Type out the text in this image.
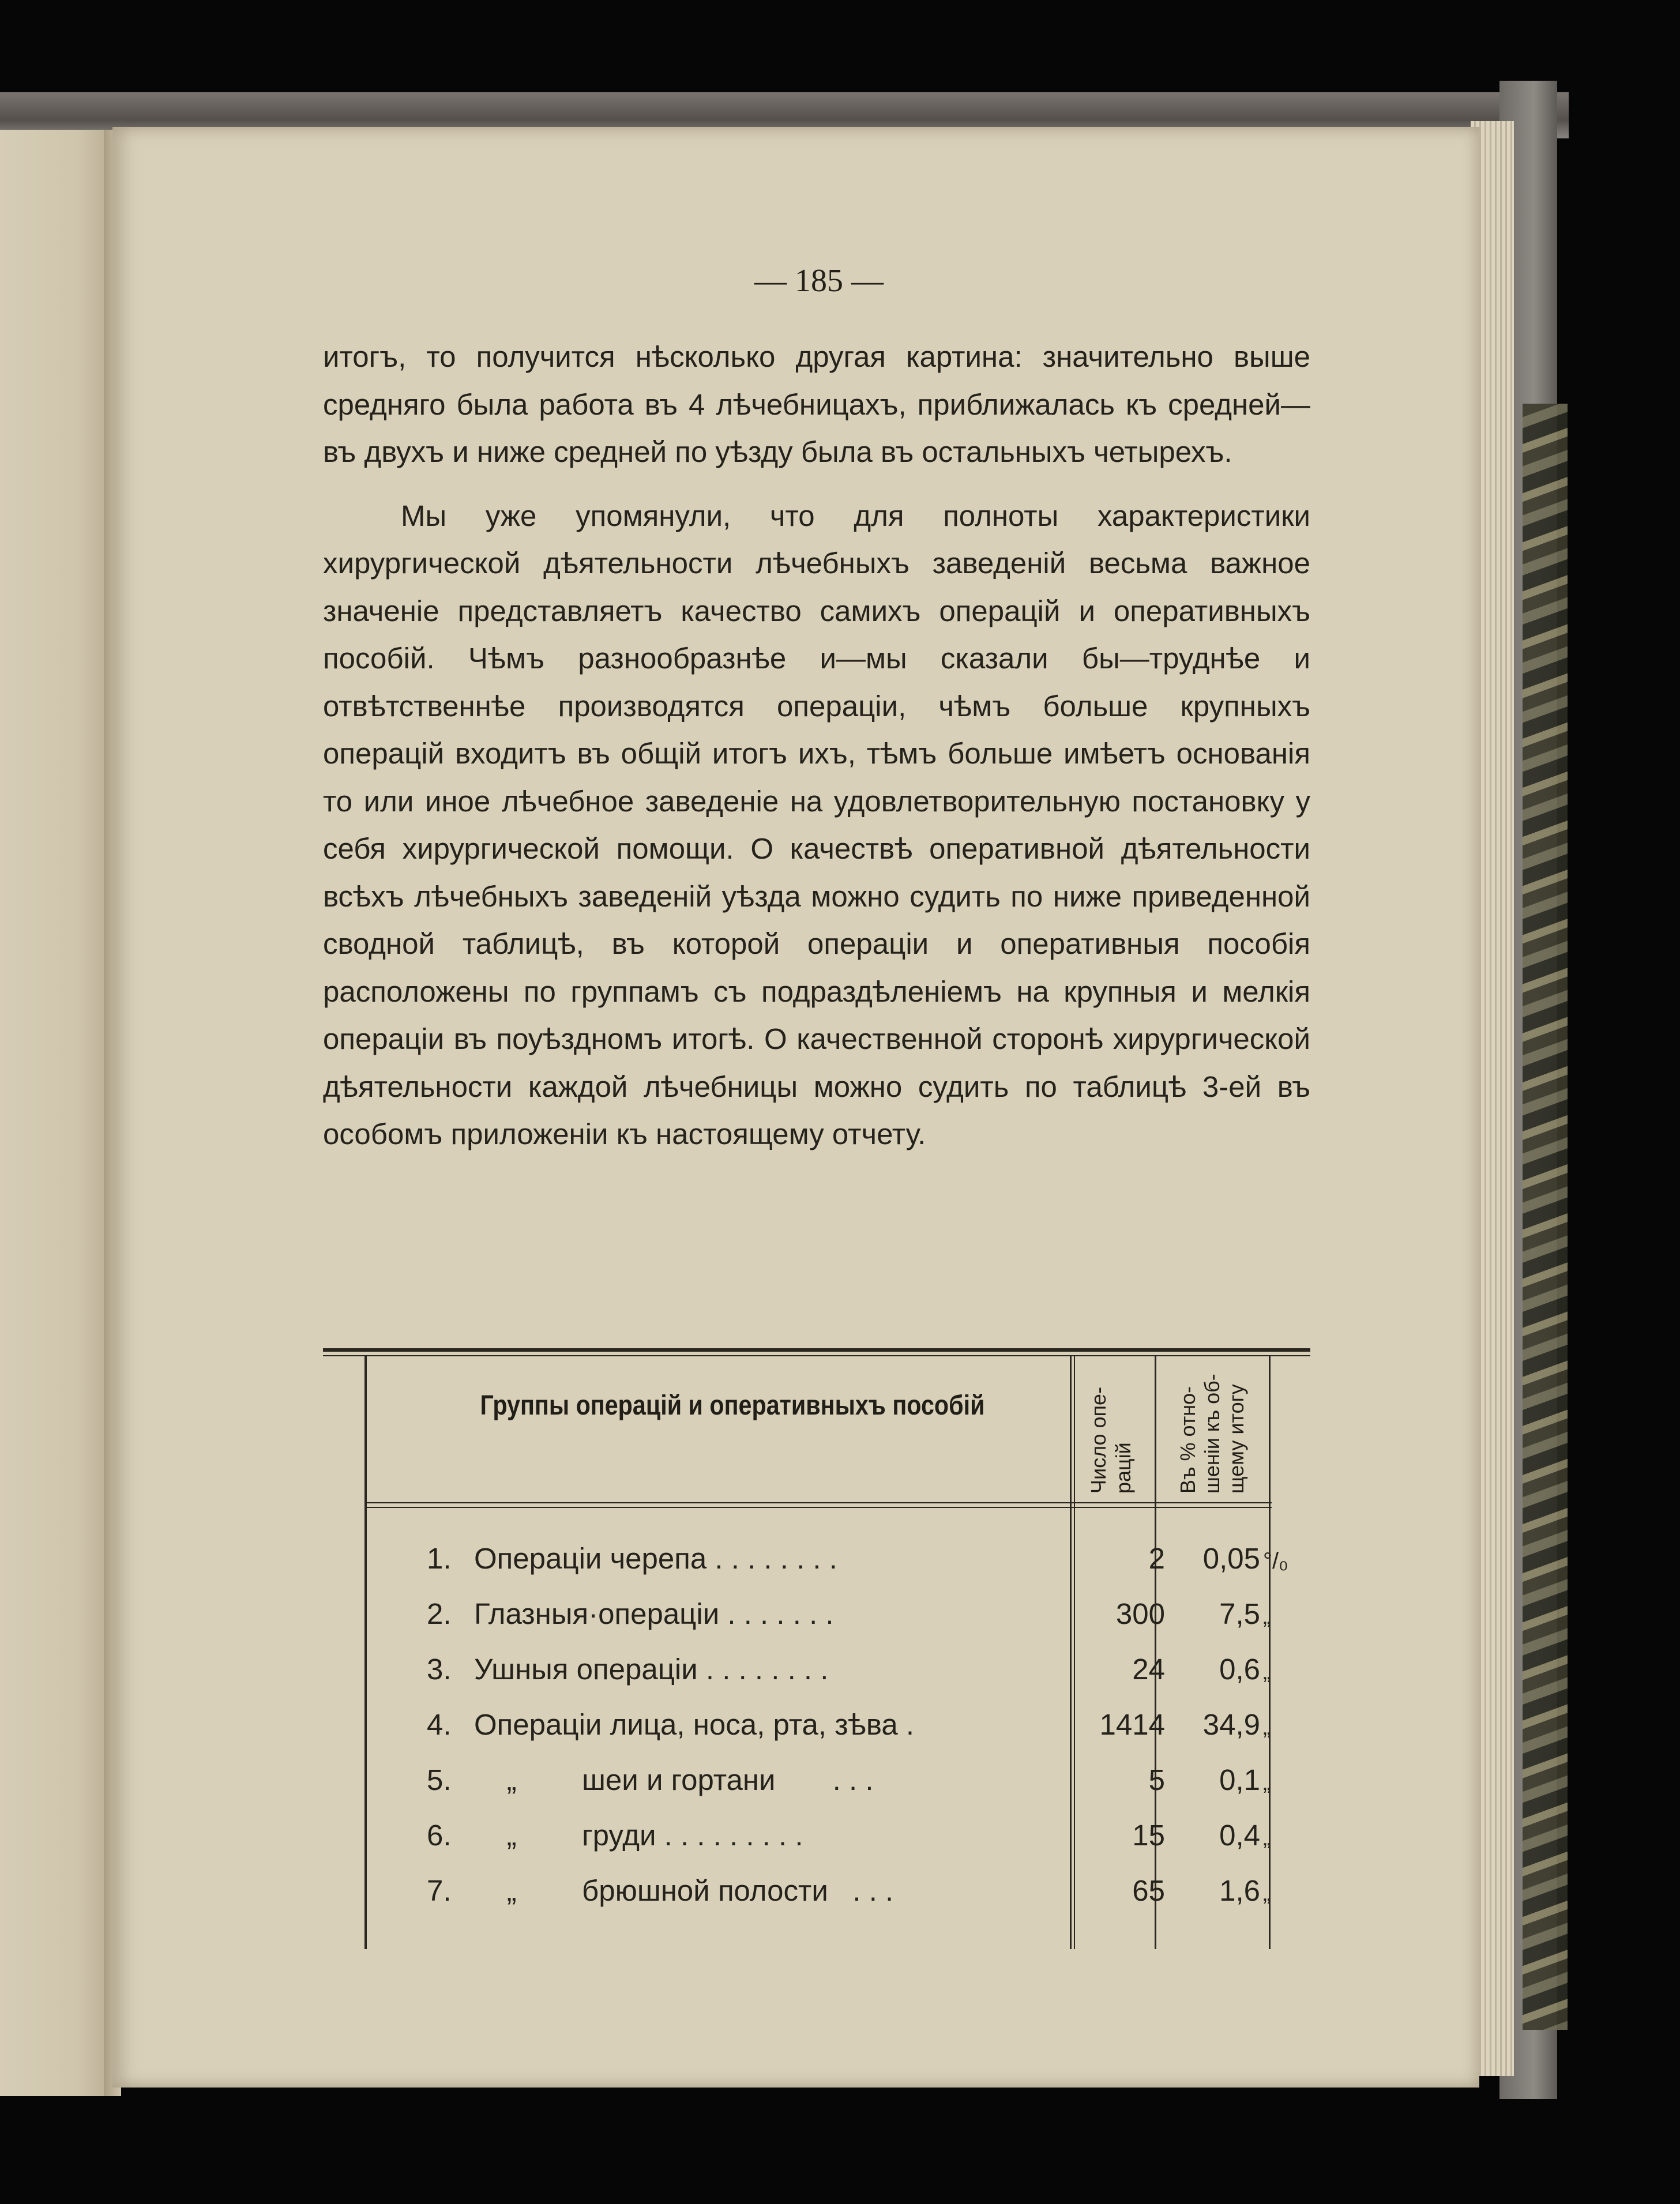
— 185 —

итогъ, то получится нѣсколько другая картина: значительно выше средняго была работа въ 4 лѣчебницахъ, приближалась къ средней—въ двухъ и ниже средней по уѣзду была въ остальныхъ четырехъ.

Мы уже упомянули, что для полноты характеристики хирургической дѣятельности лѣчебныхъ заведеній весьма важное значеніе представляетъ качество самихъ операцій и оперативныхъ пособій. Чѣмъ разнообразнѣе и—мы сказали бы—труднѣе и отвѣтственнѣе производятся операціи, чѣмъ больше крупныхъ операцій входитъ въ общій итогъ ихъ, тѣмъ больше имѣетъ основанія то или иное лѣчебное заведеніе на удовлетворительную постановку у себя хирургической помощи. О качествѣ оперативной дѣятельности всѣхъ лѣчебныхъ заведеній уѣзда можно судить по ниже приведенной сводной таблицѣ, въ которой операціи и оперативныя пособія расположены по группамъ съ подраздѣленіемъ на крупныя и мелкія операціи въ поуѣздномъ итогѣ. О качественной сторонѣ хирургической дѣятельности каждой лѣчебницы можно судить по таблицѣ 3-ей въ особомъ приложеніи къ настоящему отчету.

Группы операцій и оперативныхъ пособій	Число опе- рацій Въ % отно- шеніи къ об- щему итогу
1. Операціи черепа . . . . . . . .	2	0,05 °/₀
2. Глазныя·операціи . . . . . . .	300	7,5 „
3. Ушныя операціи . . . . . . . .	24	0,6 „
4. Операціи лица, носа, рта, зѣва .	1414	34,9 „
5. „        шеи и гортани       . . .	5	0,1 „
6. „        груди . . . . . . . . .	15	0,4 „
7. „        брюшной полости   . . .	65	1,6 „
